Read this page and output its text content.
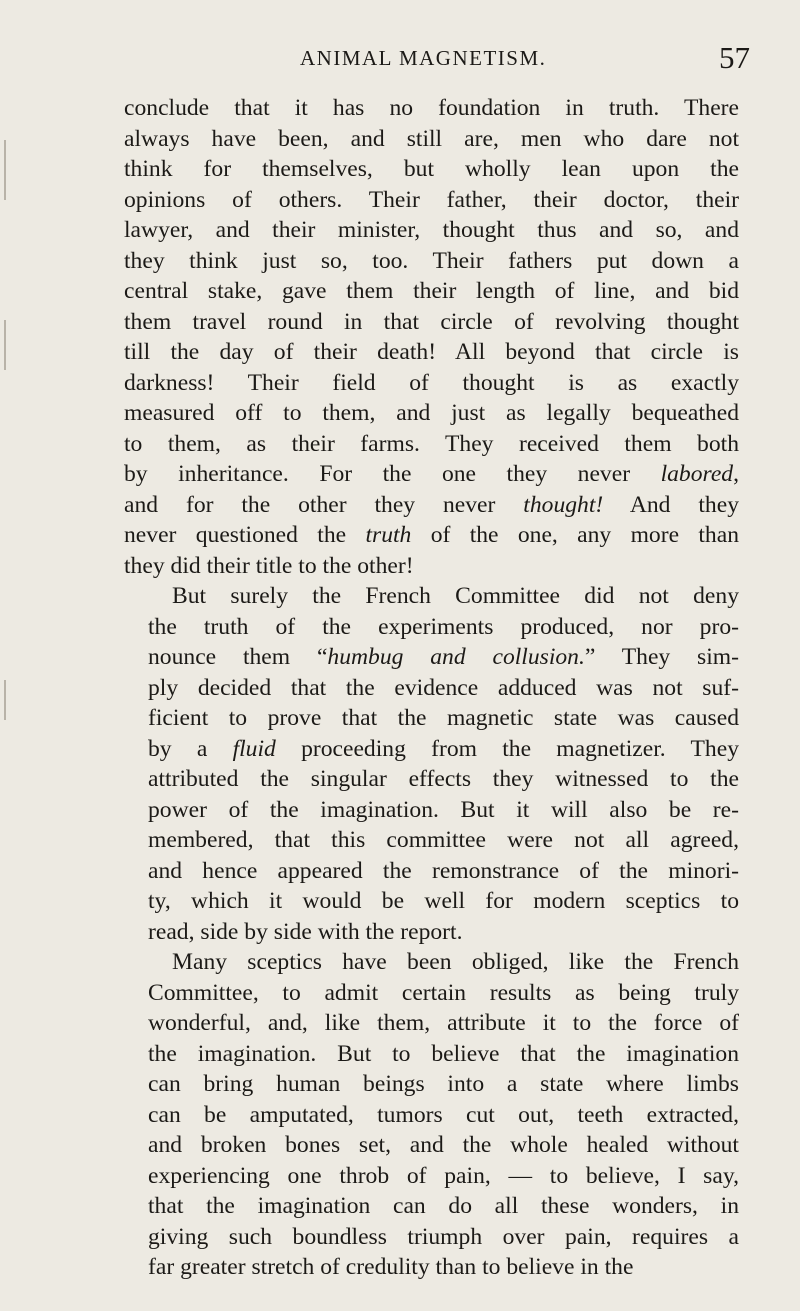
ANIMAL MAGNETISM.	57
conclude that it has no foundation in truth. There
always have been, and still are, men who dare not
think for themselves, but wholly lean upon the
opinions of others. Their father, their doctor, their
lawyer, and their minister, thought thus and so, and
they think just so, too. Their fathers put down a
central stake, gave them their length of line, and bid
them travel round in that circle of revolving thought
till the day of their death! All beyond that circle is
darkness! Their field of thought is as exactly
measured off to them, and just as legally bequeathed
to them, as their farms. They received them both
by inheritance. For the one they never labored,
and for the other they never thought! And they
never questioned the truth of the one, any more than
they did their title to the other!
But surely the French Committee did not deny
the truth of the experiments produced, nor pro-
nounce them “humbug and collusion.” They sim-
ply decided that the evidence adduced was not suf-
ficient to prove that the magnetic state was caused
by a fluid proceeding from the magnetizer. They
attributed the singular effects they witnessed to the
power of the imagination. But it will also be re-
membered, that this committee were not all agreed,
and hence appeared the remonstrance of the minori-
ty, which it would be well for modern sceptics to
read, side by side with the report.
Many sceptics have been obliged, like the French
Committee, to admit certain results as being truly
wonderful, and, like them, attribute it to the force of
the imagination. But to believe that the imagination
can bring human beings into a state where limbs
can be amputated, tumors cut out, teeth extracted,
and broken bones set, and the whole healed without
experiencing one throb of pain, — to believe, I say,
that the imagination can do all these wonders, in
giving such boundless triumph over pain, requires a
far greater stretch of credulity than to believe in the
